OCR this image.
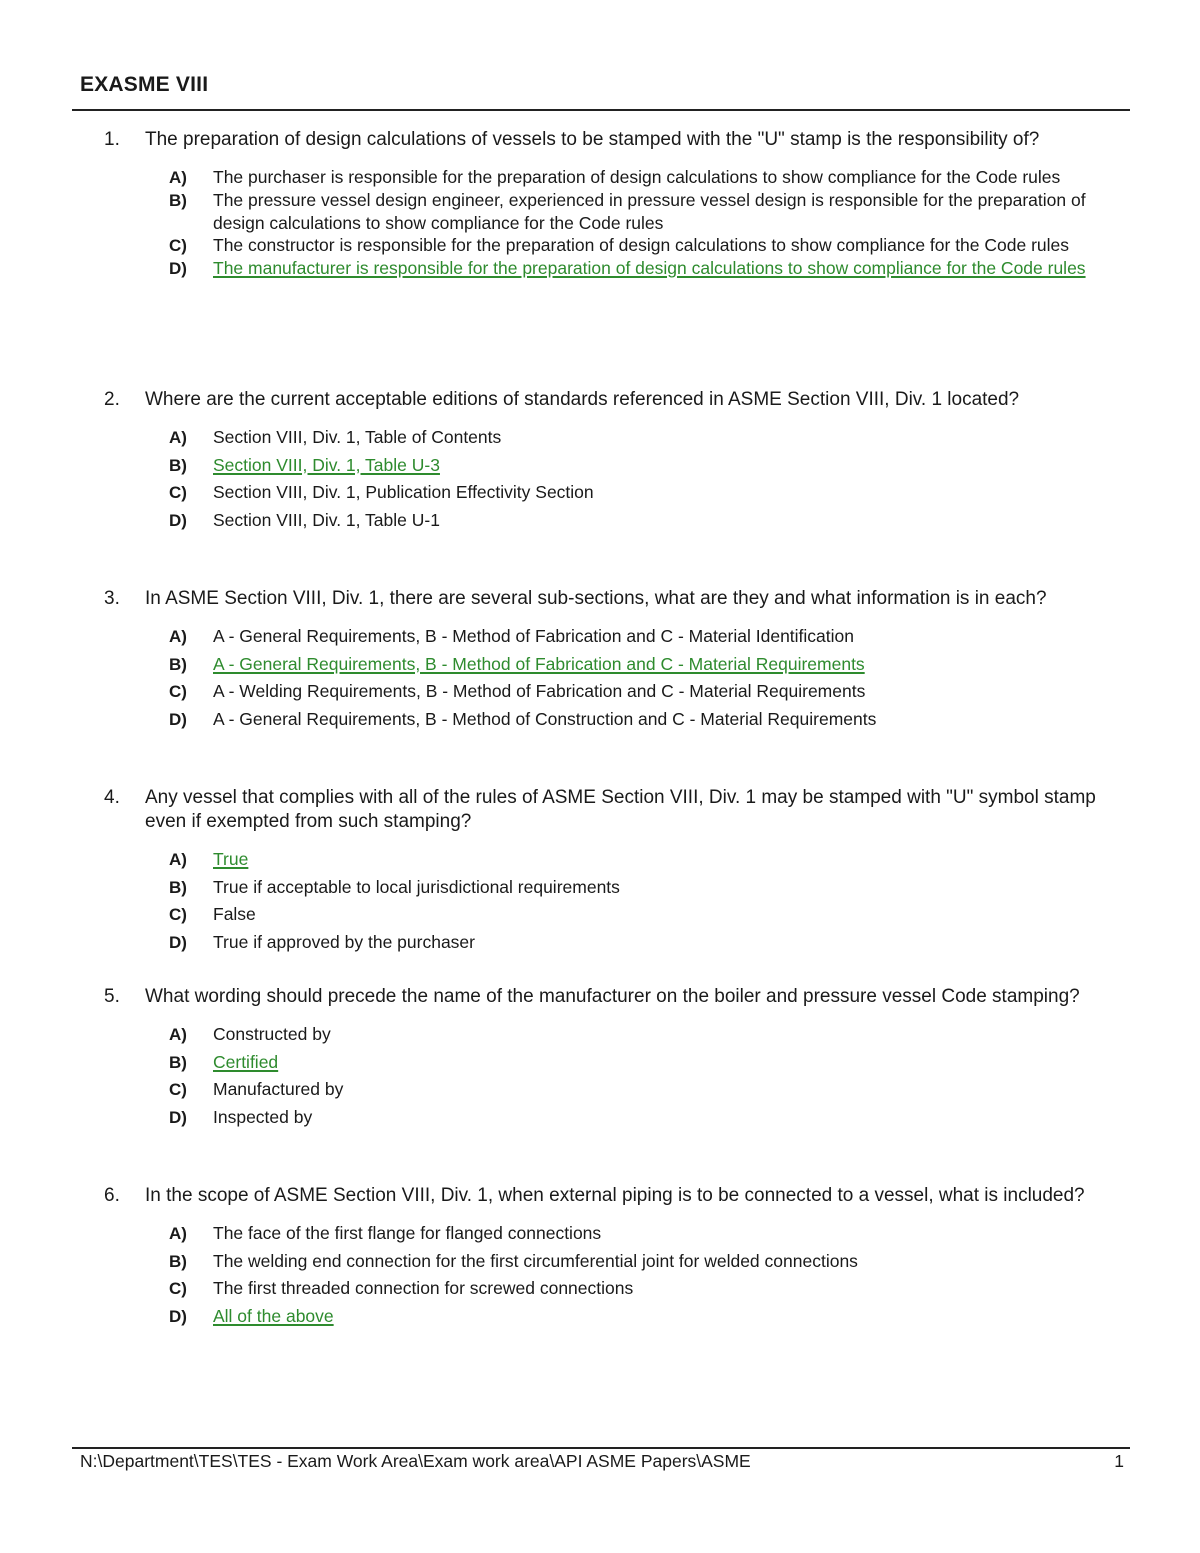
EXASME VIII
1.	The preparation of design calculations of vessels to be stamped with the "U" stamp is the responsibility of?
A)	The purchaser is responsible for the preparation of design calculations to show compliance for the Code rules
B)	The pressure vessel design engineer, experienced in pressure vessel design is responsible for the preparation of design calculations to show compliance for the Code rules
C)	The constructor is responsible for the preparation of design calculations to show compliance for the Code rules
D)	The manufacturer is responsible for the preparation of design calculations to show compliance for the Code rules
2.	Where are the current acceptable editions of standards referenced in ASME Section VIII, Div. 1 located?
A)	Section VIII, Div. 1, Table of Contents
B)	Section VIII, Div. 1, Table U-3
C)	Section VIII, Div. 1, Publication Effectivity Section
D)	Section VIII, Div. 1, Table U-1
3.	In ASME Section VIII, Div. 1, there are several sub-sections, what are they and what information is in each?
A)	A - General Requirements, B - Method of Fabrication and C - Material Identification
B)	A - General Requirements, B - Method of Fabrication and C - Material Requirements
C)	A - Welding Requirements, B - Method of Fabrication and C - Material Requirements
D)	A - General Requirements, B - Method of Construction and C - Material Requirements
4.	Any vessel that complies with all of the rules of ASME Section VIII, Div. 1 may be stamped with "U" symbol stamp even if exempted from such stamping?
A)	True
B)	True if acceptable to local jurisdictional requirements
C)	False
D)	True if approved by the purchaser
5.	What wording should precede the name of the manufacturer on the boiler and pressure vessel Code stamping?
A)	Constructed by
B)	Certified
C)	Manufactured by
D)	Inspected by
6.	In the scope of ASME Section VIII, Div. 1, when external piping is to be connected to a vessel, what is included?
A)	The face of the first flange for flanged connections
B)	The welding end connection for the first circumferential joint for welded connections
C)	The first threaded connection for screwed connections
D)	All of the above
N:\Department\TES\TES - Exam Work Area\Exam work area\API ASME Papers\ASME	1
